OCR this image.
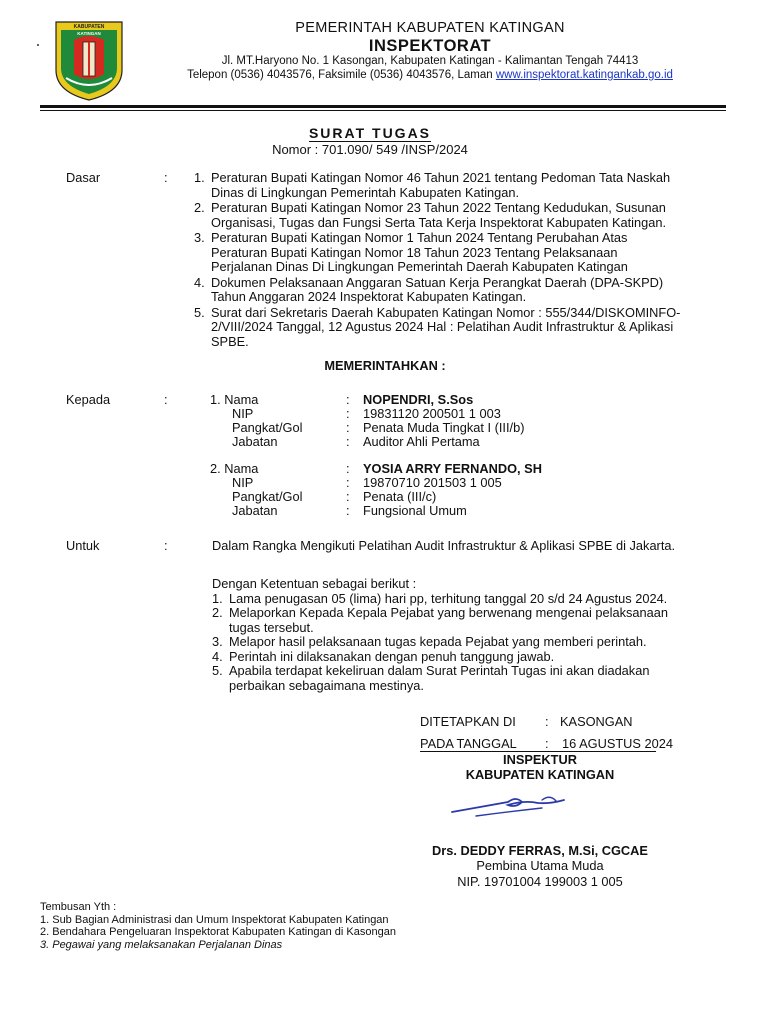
KABUPATEN
KATINGAN	PEMERINTAH KABUPATEN KATINGAN
INSPEKTORAT
Jl. MT.Haryono No. 1 Kasongan, Kabupaten Katingan - Kalimantan Tengah 74413
Telepon (0536) 4043576, Faksimile (0536) 4043576, Laman www.inspektorat.katingankab.go.id
SURAT TUGAS
Nomor : 701.090/ 549 /INSP/2024
Dasar	: 1. Peraturan Bupati Katingan Nomor 46 Tahun 2021 tentang Pedoman Tata Naskah
Dinas di Lingkungan Pemerintah Kabupaten Katingan.
2. Peraturan Bupati Katingan Nomor 23 Tahun 2022 Tentang Kedudukan, Susunan
Organisasi, Tugas dan Fungsi Serta Tata Kerja Inspektorat Kabupaten Katingan.
3. Peraturan Bupati Katingan Nomor 1 Tahun 2024 Tentang Perubahan Atas
Peraturan Bupati Katingan Nomor 18 Tahun 2023 Tentang Pelaksanaan
Perjalanan Dinas Di Lingkungan Pemerintah Daerah Kabupaten Katingan
4. Dokumen Pelaksanaan Anggaran Satuan Kerja Perangkat Daerah (DPA-SKPD)
Tahun Anggaran 2024 Inspektorat Kabupaten Katingan.
5. Surat dari Sekretaris Daerah Kabupaten Katingan Nomor : 555/344/DISKOMINFO-
2/VIII/2024 Tanggal, 12 Agustus 2024 Hal : Pelatihan Audit Infrastruktur & Aplikasi
SPBE.
MEMERINTAHKAN :
Kepada	:	1. Nama	: NOPENDRI, S.Sos
NIP	: 19831120 200501 1 003
Pangkat/Gol	: Penata Muda Tingkat I (III/b)
Jabatan	: Auditor Ahli Pertama
2. Nama	: YOSIA ARRY FERNANDO, SH
NIP	: 19870710 201503 1 005
Pangkat/Gol	: Penata (III/c)
Jabatan	: Fungsional Umum
Untuk	:	Dalam Rangka Mengikuti Pelatihan Audit Infrastruktur & Aplikasi SPBE di Jakarta.
Dengan Ketentuan sebagai berikut :
1. Lama penugasan 05 (lima) hari pp, terhitung tanggal 20 s/d 24 Agustus 2024.
2. Melaporkan Kepada Kepala Pejabat yang berwenang mengenai pelaksanaan
tugas tersebut.
3. Melapor hasil pelaksanaan tugas kepada Pejabat yang memberi perintah.
4. Perintah ini dilaksanakan dengan penuh tanggung jawab.
5. Apabila terdapat kekeliruan dalam Surat Perintah Tugas ini akan diadakan
perbaikan sebagaimana mestinya.
DITETAPKAN DI : KASONGAN
PADA TANGGAL : 16 AGUSTUS 2024
INSPEKTUR
KABUPATEN KATINGAN
Drs. DEDDY FERRAS, M.Si, CGCAE
Pembina Utama Muda
NIP. 19701004 199003 1 005
Tembusan Yth :
1. Sub Bagian Administrasi dan Umum Inspektorat Kabupaten Katingan
2. Bendahara Pengeluaran Inspektorat Kabupaten Katingan di Kasongan
3. Pegawai yang melaksanakan Perjalanan Dinas
